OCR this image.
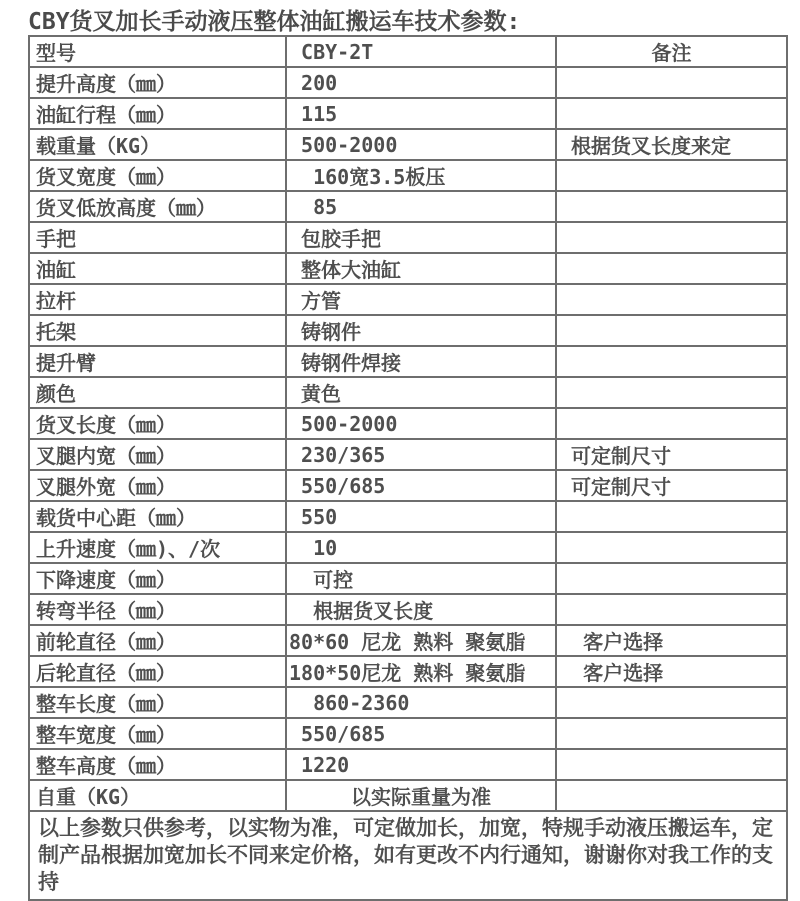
CBY货叉加长手动液压整体油缸搬运车技术参数:
型号	CBY-2T	备注
提升高度（㎜）	200	
油缸行程（㎜）	115	
载重量（KG）	500-2000	根据货叉长度来定
货叉宽度（㎜）	160宽3.5板压	
货叉低放高度（㎜）	85	
手把	包胶手把	
油缸	整体大油缸	
拉杆	方管	
托架	铸钢件	
提升臂	铸钢件焊接	
颜色	黄色	
货叉长度（㎜）	500-2000	
叉腿内宽（㎜）	230/365	可定制尺寸
叉腿外宽（㎜）	550/685	可定制尺寸
载货中心距（㎜）	550	
上升速度（㎜)、/次	10	
下降速度（㎜）	可控	
转弯半径（㎜）	根据货叉长度	
前轮直径（㎜）	80*60 尼龙 熟料 聚氨脂	客户选择
后轮直径（㎜）	180*50尼龙 熟料 聚氨脂	客户选择
整车长度（㎜）	860-2360	
整车宽度（㎜）	550/685	
整车高度（㎜）	1220	
自重（KG）	以实际重量为准	
以上参数只供参考，以实物为准，可定做加长，加宽，特规手动液压搬运车，定制产品根据加宽加长不同来定价格，如有更改不内行通知，谢谢你对我工作的支持		
